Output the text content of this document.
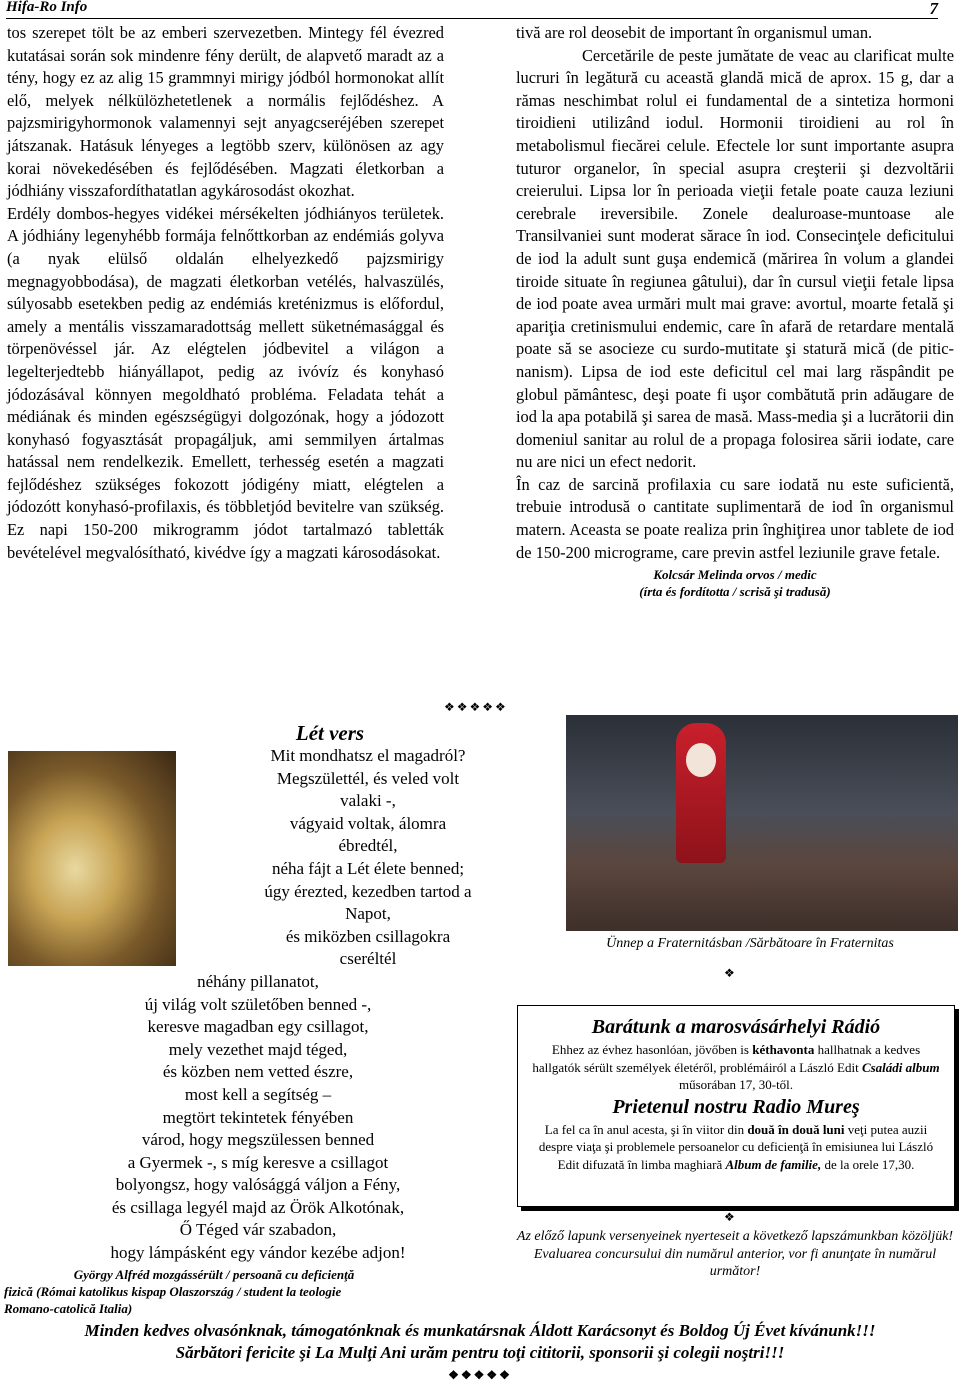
Hifa-Ro Info	7

tos szerepet tölt be az emberi szervezetben. Mintegy fél évezred kutatásai során sok mindenre fény derült, de alapvető maradt az a tény, hogy ez az alig 15 grammnyi mirigy jódból hormonokat allít elő, melyek nélkülözhetetlenek a normális fejlődéshez. A pajzsmirigyhormonok valamennyi sejt anyagcseréjében szerepet játszanak. Hatásuk lényeges a legtöbb szerv, különösen az agy korai növekedésében és fejlődésében. Magzati életkorban a jódhiány visszafordíthatatlan agykárosodást okozhat.

Erdély dombos-hegyes vidékei mérsékelten jódhiányos területek. A jódhiány legenyhébb formája felnőttkorban az endémiás golyva (a nyak elülső oldalán elhelyezkedő pajzsmirigy megnagyobbodása), de magzati életkorban vetélés, halvaszülés, súlyosabb esetekben pedig az endémiás kreténizmus is előfordul, amely a mentális visszamaradottság mellett süketnémasággal és törpenövéssel jár. Az elégtelen jódbevitel a világon a legelterjedtebb hiányállapot, pedig az ivóvíz és konyhasó jódozásával könnyen megoldható probléma. Feladata tehát a médiának és minden egészségügyi dolgozónak, hogy a jódozott konyhasó fogyasztását propagáljuk, ami semmilyen ártalmas hatással nem rendelkezik. Emellett, terhesség esetén a magzati fejlődéshez szükséges fokozott jódigény miatt, elégtelen a jódozótt konyhasó-profilaxis, és többletjód bevitelre van szükség. Ez napi 150-200 mikrogramm jódot tartalmazó tabletták bevételével megvalósítható, kivédve így a magzati károsodásokat.

tivă are rol deosebit de important în organismul uman.

Cercetările de peste jumătate de veac au clarificat multe lucruri în legătură cu această glandă mică de aprox. 15 g, dar a rămas neschimbat rolul ei fundamental de a sintetiza hormoni tiroidieni utilizând iodul. Hormonii tiroidieni au rol în metabolismul fiecărei celule. Efectele lor sunt importante asupra tuturor organelor, în special asupra creşterii şi dezvoltării creierului. Lipsa lor în perioada vieţii fetale poate cauza leziuni cerebrale ireversibile. Zonele dealuroase-muntoase ale Transilvaniei sunt moderat sărace în iod. Consecinţele deficitului de iod la adult sunt guşa endemică (mărirea în volum a glandei tiroide situate în regiunea gâtului), dar în cursul vieţii fetale lipsa de iod poate avea urmări mult mai grave: avortul, moarte fetală şi apariţia cretinismului endemic, care în afară de retardare mentală poate să se asocieze cu surdo-mutitate şi statură mică (de pitic-nanism). Lipsa de iod este deficitul cel mai larg răspândit pe globul pământesc, deşi poate fi uşor combătută prin adăugare de iod la apa potabilă şi sarea de masă. Mass-media şi a lucrătorii din domeniul sanitar au rolul de a propaga folosirea sării iodate, care nu are nici un efect nedorit.

În caz de sarcină profilaxia cu sare iodată nu este suficientă, trebuie introdusă o cantitate suplimentară de iod în organismul matern. Aceasta se poate realiza prin înghiţirea unor tablete de iod de 150-200 micrograme, care previn astfel leziunile grave fetale.

Kolcsár Melinda orvos / medic
(írta és fordította / scrisă şi tradusă)
❖❖❖❖❖
Ünnep a Fraternitásban /Sărbătoare în Fraternitas
❖
Lét vers
Mit mondhatsz el magadról?
Megszülettél, és veled volt
valaki -,
vágyaid voltak, álomra
ébredtél,
néha fájt a Lét élete benned;
úgy érezted, kezedben tartod a
Napot,
és miközben csillagokra
cseréltél
néhány pillanatot,
új világ volt születőben benned -,
keresve magadban egy csillagot,
mely vezethet majd téged,
és közben nem vetted észre,
most kell a segítség –
megtört tekintetek fényében
várod, hogy megszülessen benned
a Gyermek -, s míg keresve a csillagot
bolyongsz, hogy valósággá váljon a Fény,
és csillaga legyél majd az Örök Alkotónak,
Ő Téged vár szabadon,
hogy lámpásként egy vándor kezébe adjon!
György Alfréd mozgássérült / persoană cu deficienţă
fizică (Római katolikus kispap Olaszország / student la teologie
Romano-catolică Italia)
Barátunk a marosvásárhelyi Rádió
Ehhez az évhez hasonlóan, jövőben is kéthavonta hallhatnak a kedves hallgatók sérült személyek életéről, problémáiról a László Edit Családi album műsorában 17, 30-től.
Prietenul nostru Radio Mureş
La fel ca în anul acesta, şi în viitor din două în două luni veţi putea auzii despre viaţa şi problemele persoanelor cu deficienţă în emisiunea lui László Edit difuzată în limba maghiară Album de familie, de la orele 17,30.
❖
Az előző lapunk versenyeinek nyerteseit a következő lapszámunkban közöljük!
Evaluarea concursului din numărul anterior, vor fi anunţate în numărul următor!
Minden kedves olvasónknak, támogatónknak és munkatársnak Áldott Karácsonyt és Boldog Új Évet kívánunk!!!
Sărbători fericite şi La Mulţi Ani urăm pentru toţi cititorii, sponsorii şi colegii noştri!!!
❖❖❖❖❖
